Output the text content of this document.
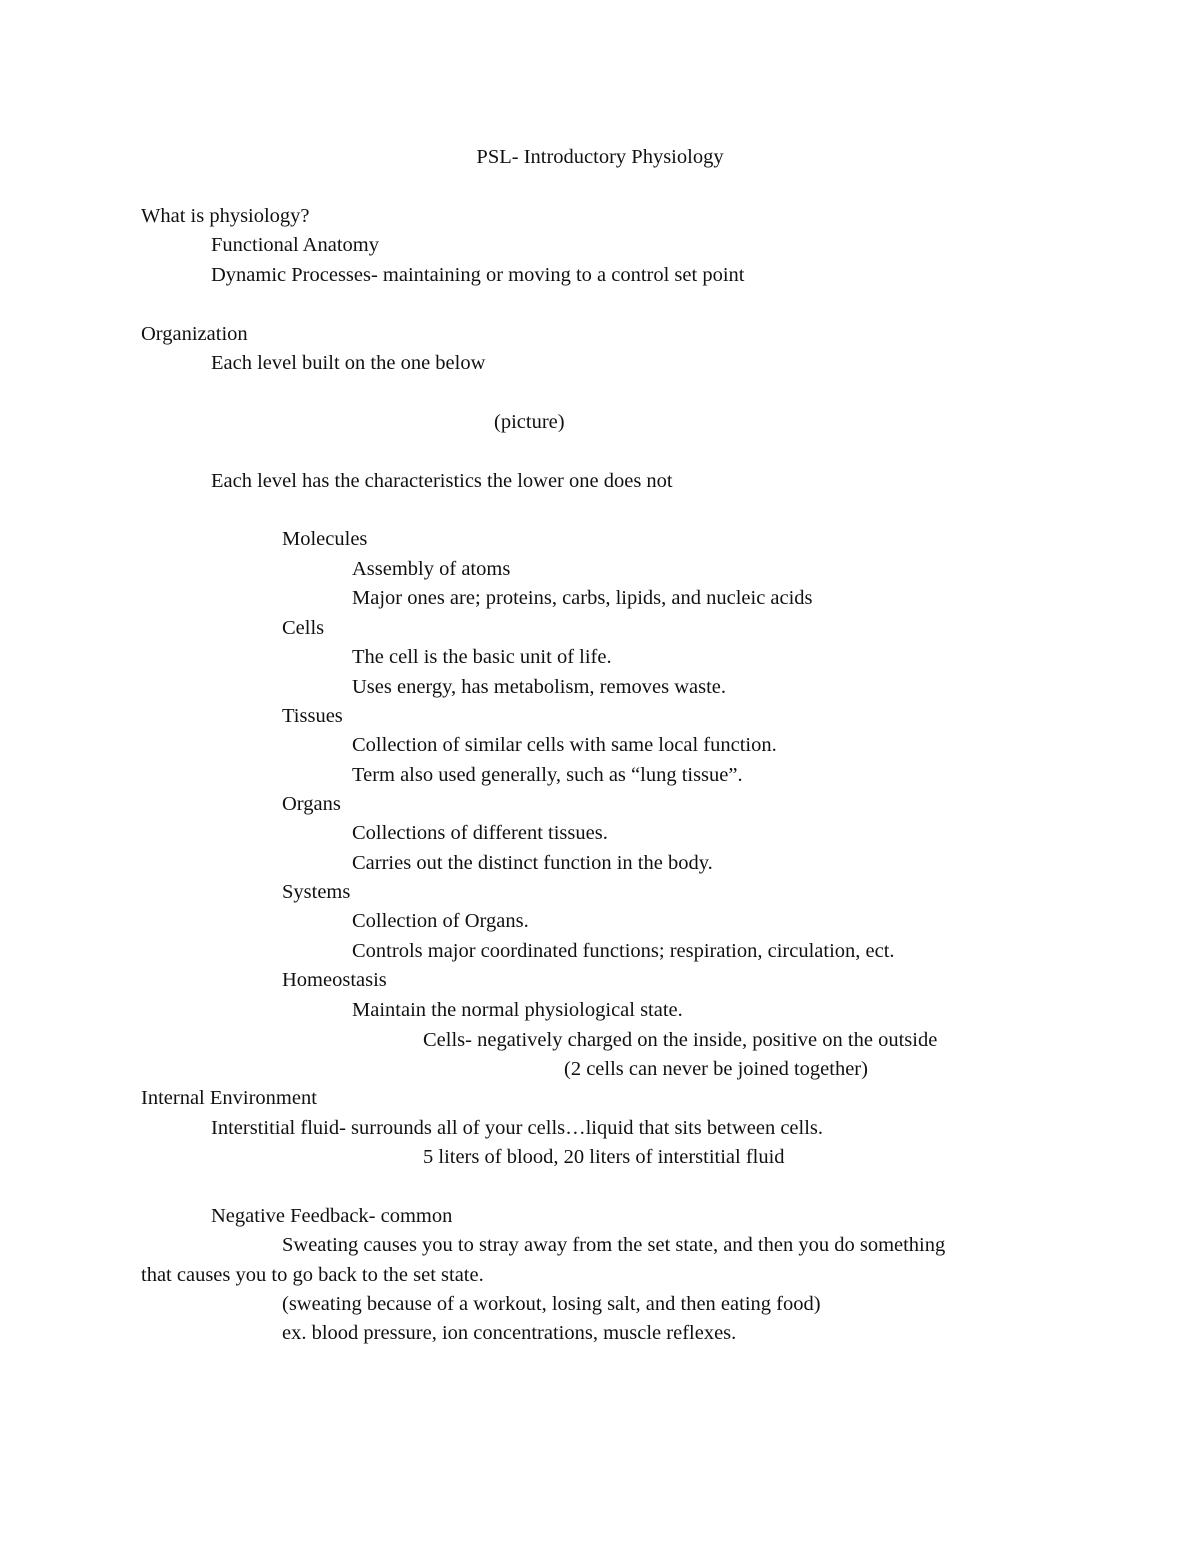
PSL- Introductory Physiology
What is physiology?
Functional Anatomy
Dynamic Processes- maintaining or moving to a control set point
Organization
Each level built on the one below
(picture)
Each level has the characteristics the lower one does not
Molecules
Assembly of atoms
Major ones are; proteins, carbs, lipids, and nucleic acids
Cells
The cell is the basic unit of life.
Uses energy, has metabolism, removes waste.
Tissues
Collection of similar cells with same local function.
Term also used generally, such as “lung tissue”.
Organs
Collections of different tissues.
Carries out the distinct function in the body.
Systems
Collection of Organs.
Controls major coordinated functions; respiration, circulation, ect.
Homeostasis
Maintain the normal physiological state.
Cells- negatively charged on the inside, positive on the outside
(2 cells can never be joined together)
Internal Environment
Interstitial fluid- surrounds all of your cells…liquid that sits between cells.
5 liters of blood, 20 liters of interstitial fluid
Negative Feedback- common
Sweating causes you to stray away from the set state, and then you do something
that causes you to go back to the set state.
(sweating because of a workout, losing salt, and then eating food)
ex. blood pressure, ion concentrations, muscle reflexes.
